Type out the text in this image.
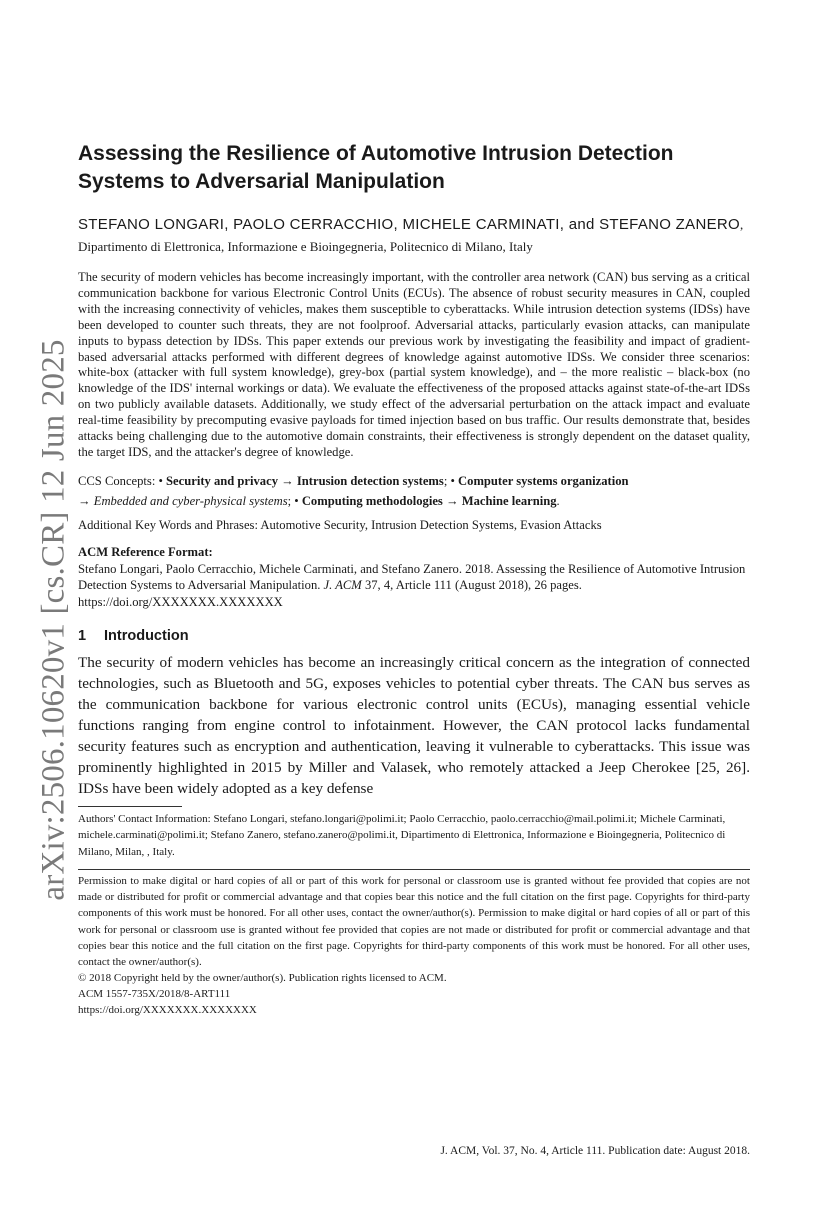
arXiv:2506.10620v1 [cs.CR] 12 Jun 2025
Assessing the Resilience of Automotive Intrusion Detection Systems to Adversarial Manipulation
STEFANO LONGARI, PAOLO CERRACCHIO, MICHELE CARMINATI, and STEFANO ZANERO, Dipartimento di Elettronica, Informazione e Bioingegneria, Politecnico di Milano, Italy
The security of modern vehicles has become increasingly important, with the controller area network (CAN) bus serving as a critical communication backbone for various Electronic Control Units (ECUs). The absence of robust security measures in CAN, coupled with the increasing connectivity of vehicles, makes them susceptible to cyberattacks. While intrusion detection systems (IDSs) have been developed to counter such threats, they are not foolproof. Adversarial attacks, particularly evasion attacks, can manipulate inputs to bypass detection by IDSs. This paper extends our previous work by investigating the feasibility and impact of gradient-based adversarial attacks performed with different degrees of knowledge against automotive IDSs. We consider three scenarios: white-box (attacker with full system knowledge), grey-box (partial system knowledge), and – the more realistic – black-box (no knowledge of the IDS' internal workings or data). We evaluate the effectiveness of the proposed attacks against state-of-the-art IDSs on two publicly available datasets. Additionally, we study effect of the adversarial perturbation on the attack impact and evaluate real-time feasibility by precomputing evasive payloads for timed injection based on bus traffic. Our results demonstrate that, besides attacks being challenging due to the automotive domain constraints, their effectiveness is strongly dependent on the dataset quality, the target IDS, and the attacker's degree of knowledge.
CCS Concepts: • Security and privacy → Intrusion detection systems; • Computer systems organization
→ Embedded and cyber-physical systems; • Computing methodologies → Machine learning.
Additional Key Words and Phrases: Automotive Security, Intrusion Detection Systems, Evasion Attacks
ACM Reference Format:
Stefano Longari, Paolo Cerracchio, Michele Carminati, and Stefano Zanero. 2018. Assessing the Resilience of Automotive Intrusion Detection Systems to Adversarial Manipulation. J. ACM 37, 4, Article 111 (August 2018), 26 pages. https://doi.org/XXXXXXX.XXXXXXX
1 Introduction
The security of modern vehicles has become an increasingly critical concern as the integration of connected technologies, such as Bluetooth and 5G, exposes vehicles to potential cyber threats. The CAN bus serves as the communication backbone for various electronic control units (ECUs), managing essential vehicle functions ranging from engine control to infotainment. However, the CAN protocol lacks fundamental security features such as encryption and authentication, leaving it vulnerable to cyberattacks. This issue was prominently highlighted in 2015 by Miller and Valasek, who remotely attacked a Jeep Cherokee [25, 26]. IDSs have been widely adopted as a key defense
Authors' Contact Information: Stefano Longari, stefano.longari@polimi.it; Paolo Cerracchio, paolo.cerracchio@mail.polimi.it; Michele Carminati, michele.carminati@polimi.it; Stefano Zanero, stefano.zanero@polimi.it, Dipartimento di Elettronica, Informazione e Bioingegneria, Politecnico di Milano, Milan, , Italy.
Permission to make digital or hard copies of all or part of this work for personal or classroom use is granted without fee provided that copies are not made or distributed for profit or commercial advantage and that copies bear this notice and the full citation on the first page. Copyrights for third-party components of this work must be honored. For all other uses, contact the owner/author(s). Permission to make digital or hard copies of all or part of this work for personal or classroom use is granted without fee provided that copies are not made or distributed for profit or commercial advantage and that copies bear this notice and the full citation on the first page. Copyrights for third-party components of this work must be honored. For all other uses, contact the owner/author(s).
© 2018 Copyright held by the owner/author(s). Publication rights licensed to ACM.
ACM 1557-735X/2018/8-ART111
https://doi.org/XXXXXXX.XXXXXXX
J. ACM, Vol. 37, No. 4, Article 111. Publication date: August 2018.
